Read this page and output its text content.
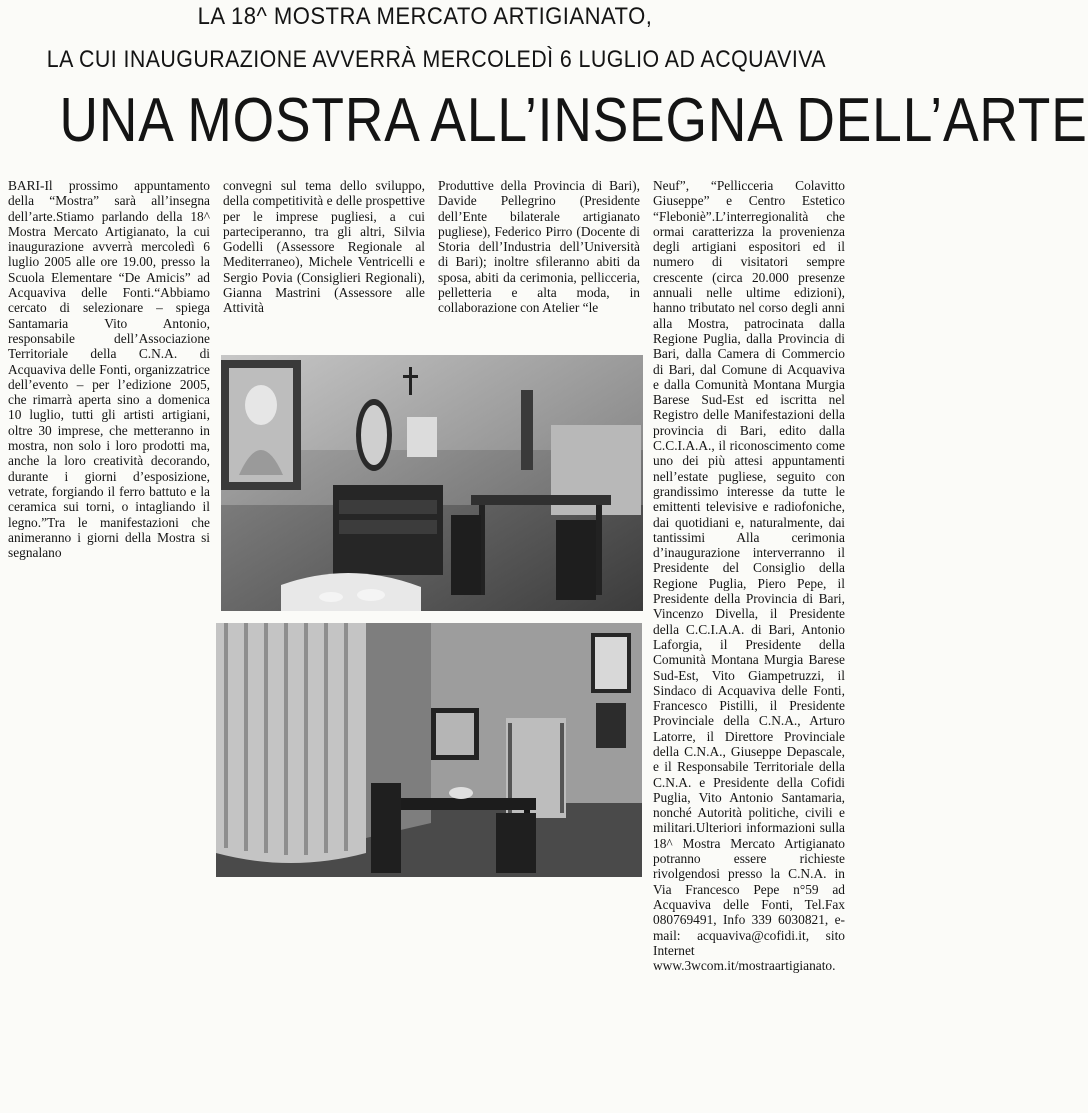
LA 18^ MOSTRA MERCATO ARTIGIANATO,
LA CUI INAUGURAZIONE AVVERRÀ MERCOLEDÌ 6 LUGLIO AD ACQUAVIVA
UNA MOSTRA ALL’INSEGNA DELL’ARTE

BARI-Il prossimo appuntamento della “Mostra” sarà all’insegna dell’arte.Stiamo parlando della 18^ Mostra Mercato Artigianato, la cui inaugurazione avverrà mercoledì 6 luglio 2005 alle ore 19.00, presso la Scuola Elementare “De Amicis” ad Acquaviva delle Fonti.“Abbiamo cercato di selezionare – spiega Santamaria Vito Antonio, responsabile dell’Associazione Territoriale della C.N.A. di Acquaviva delle Fonti, organizzatrice dell’evento – per l’edizione 2005, che rimarrà aperta sino a domenica 10 luglio, tutti gli artisti artigiani, oltre 30 imprese, che metteranno in mostra, non solo i loro prodotti ma, anche la loro creatività decorando, durante i giorni d’esposizione, vetrate, forgiando il ferro battuto e la ceramica sui torni, o intagliando il legno.”Tra le manifestazioni che animeranno i giorni della Mostra si segnalano

convegni sul tema dello sviluppo, della competitività e delle prospettive per le imprese pugliesi, a cui parteciperanno, tra gli altri, Silvia Godelli (Assessore Regionale al Mediterraneo), Michele Ventricelli e Sergio Povia (Consiglieri Regionali), Gianna Mastrini (Assessore alle Attività

Produttive della Provincia di Bari), Davide Pellegrino (Presidente dell’Ente bilaterale artigianato pugliese), Federico Pirro (Docente di Storia dell’Industria dell’Università di Bari); inoltre sfileranno abiti da sposa, abiti da cerimonia, pellicceria, pelletteria e alta moda, in collaborazione con Atelier “le

Neuf”, “Pellicceria Colavitto Giuseppe” e Centro Estetico “Fleboniè”.L’interregionalità che ormai caratterizza la provenienza degli artigiani espositori ed il numero di visitatori sempre crescente (circa 20.000 presenze annuali nelle ultime edizioni), hanno tributato nel corso degli anni alla Mostra, patrocinata dalla Regione Puglia, dalla Provincia di Bari, dalla Camera di Commercio di Bari, dal Comune di Acquaviva e dalla Comunità Montana Murgia Barese Sud-Est ed iscritta nel Registro delle Manifestazioni della provincia di Bari, edito dalla C.C.I.A.A., il riconoscimento come uno dei più attesi appuntamenti nell’estate pugliese, seguito con grandissimo interesse da tutte le emittenti televisive e radiofoniche, dai quotidiani e, naturalmente, dai tantissimi Alla cerimonia d’inaugurazione interverranno il Presidente del Consiglio della Regione Puglia, Piero Pepe, il Presidente della Provincia di Bari, Vincenzo Divella, il Presidente della C.C.I.A.A. di Bari, Antonio Laforgia, il Presidente della Comunità Montana Murgia Barese Sud-Est, Vito Giampetruzzi, il Sindaco di Acquaviva delle Fonti, Francesco Pistilli, il Presidente Provinciale della C.N.A., Arturo Latorre, il Direttore Provinciale della C.N.A., Giuseppe Depascale, e il Responsabile Territoriale della C.N.A. e Presidente della Cofidi Puglia, Vito Antonio Santamaria, nonché Autorità politiche, civili e militari.Ulteriori informazioni sulla 18^ Mostra Mercato Artigianato potranno essere richieste rivolgendosi presso la C.N.A. in Via Francesco Pepe n°59 ad Acquaviva delle Fonti, Tel.Fax 080769491, Info 339 6030821, e-mail: acquaviva@cofidi.it, sito Internet www.3wcom.it/mostraartigianato.
